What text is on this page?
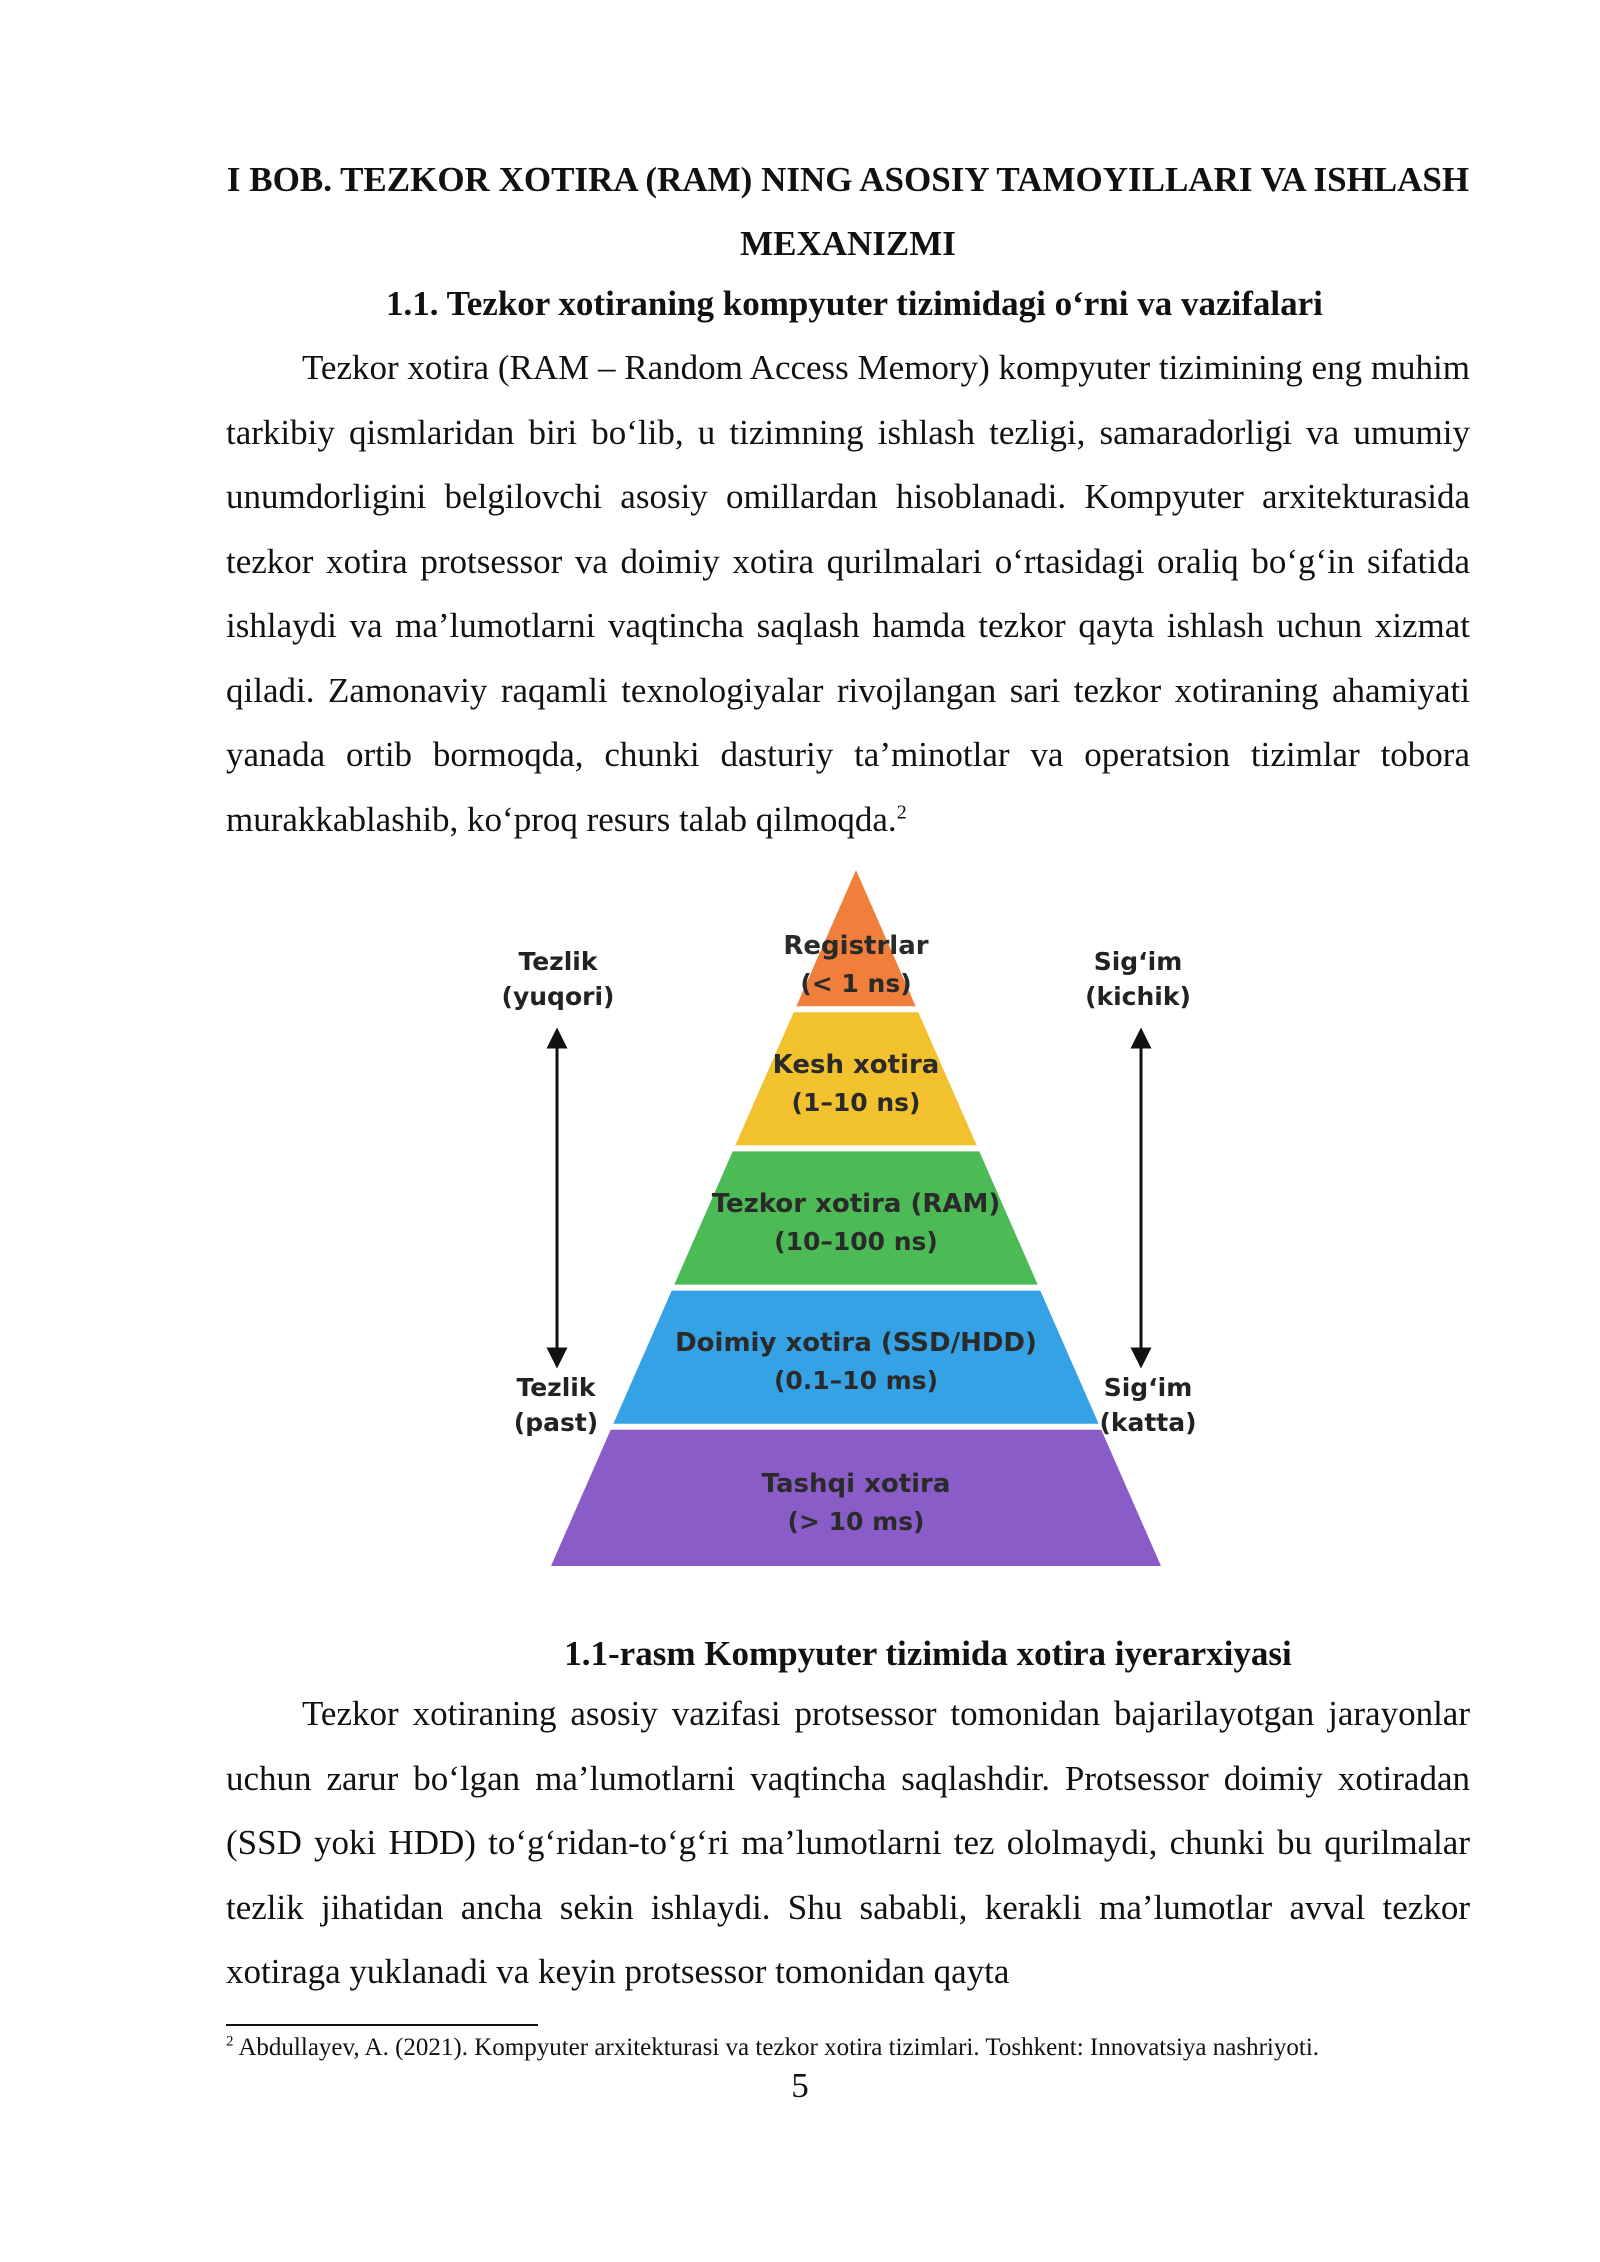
I BOB. TEZKOR XOTIRA (RAM) NING ASOSIY TAMOYILLARI VA ISHLASH MEXANIZMI
1.1. Tezkor xotiraning kompyuter tizimidagi o‘rni va vazifalari

Tezkor xotira (RAM – Random Access Memory) kompyuter tizimining eng muhim tarkibiy qismlaridan biri bo‘lib, u tizimning ishlash tezligi, samaradorligi va umumiy unumdorligini belgilovchi asosiy omillardan hisoblanadi. Kompyuter arxitekturasida tezkor xotira protsessor va doimiy xotira qurilmalari o‘rtasidagi oraliq bo‘g‘in sifatida ishlaydi va ma’lumotlarni vaqtincha saqlash hamda tezkor qayta ishlash uchun xizmat qiladi. Zamonaviy raqamli texnologiyalar rivojlangan sari tezkor xotiraning ahamiyati yanada ortib bormoqda, chunki dasturiy ta’minotlar va operatsion tizimlar tobora murakkablashib, ko‘proq resurs talab qilmoqda.$^2$

Registrlar
(< 1 ns)
Kesh xotira
(1–10 ns)
Tezkor xotira (RAM)
(10–100 ns)
Doimiy xotira (SSD/HDD)
(0.1–10 ms)
Tashqi xotira
(> 10 ms)
Tezlik
(yuqori)
Tezlik
(past)
Sig‘im
(kichik)
Sig‘im
(katta)
1.1-rasm Kompyuter tizimida xotira iyerarxiyasi

Tezkor xotiraning asosiy vazifasi protsessor tomonidan bajarilayotgan jarayonlar uchun zarur bo‘lgan ma’lumotlarni vaqtincha saqlashdir. Protsessor doimiy xotiradan (SSD yoki HDD) to‘g‘ridan-to‘g‘ri ma’lumotlarni tez ololmaydi, chunki bu qurilmalar tezlik jihatidan ancha sekin ishlaydi. Shu sababli, kerakli ma’lumotlar avval tezkor xotiraga yuklanadi va keyin protsessor tomonidan qayta

$^2$ Abdullayev, A. (2021). Kompyuter arxitekturasi va tezkor xotira tizimlari. Toshkent: Innovatsiya nashriyoti.
5
